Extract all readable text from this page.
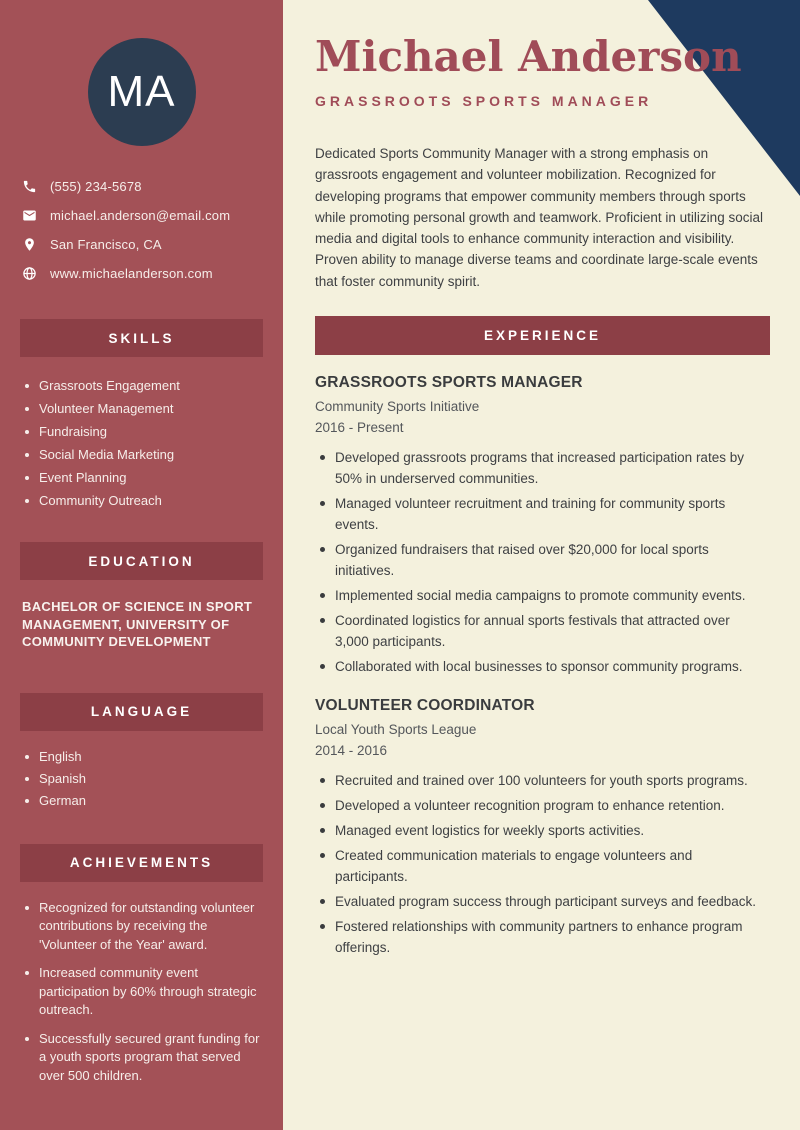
MA
(555) 234-5678
michael.anderson@email.com
San Francisco, CA
www.michaelanderson.com
SKILLS
Grassroots Engagement
Volunteer Management
Fundraising
Social Media Marketing
Event Planning
Community Outreach
EDUCATION
BACHELOR OF SCIENCE IN SPORT MANAGEMENT, UNIVERSITY OF COMMUNITY DEVELOPMENT
LANGUAGE
English
Spanish
German
ACHIEVEMENTS
Recognized for outstanding volunteer contributions by receiving the 'Volunteer of the Year' award.
Increased community event participation by 60% through strategic outreach.
Successfully secured grant funding for a youth sports program that served over 500 children.
Michael Anderson
GRASSROOTS SPORTS MANAGER
Dedicated Sports Community Manager with a strong emphasis on grassroots engagement and volunteer mobilization. Recognized for developing programs that empower community members through sports while promoting personal growth and teamwork. Proficient in utilizing social media and digital tools to enhance community interaction and visibility. Proven ability to manage diverse teams and coordinate large-scale events that foster community spirit.
EXPERIENCE
GRASSROOTS SPORTS MANAGER
Community Sports Initiative
2016 - Present
Developed grassroots programs that increased participation rates by 50% in underserved communities.
Managed volunteer recruitment and training for community sports events.
Organized fundraisers that raised over $20,000 for local sports initiatives.
Implemented social media campaigns to promote community events.
Coordinated logistics for annual sports festivals that attracted over 3,000 participants.
Collaborated with local businesses to sponsor community programs.
VOLUNTEER COORDINATOR
Local Youth Sports League
2014 - 2016
Recruited and trained over 100 volunteers for youth sports programs.
Developed a volunteer recognition program to enhance retention.
Managed event logistics for weekly sports activities.
Created communication materials to engage volunteers and participants.
Evaluated program success through participant surveys and feedback.
Fostered relationships with community partners to enhance program offerings.
